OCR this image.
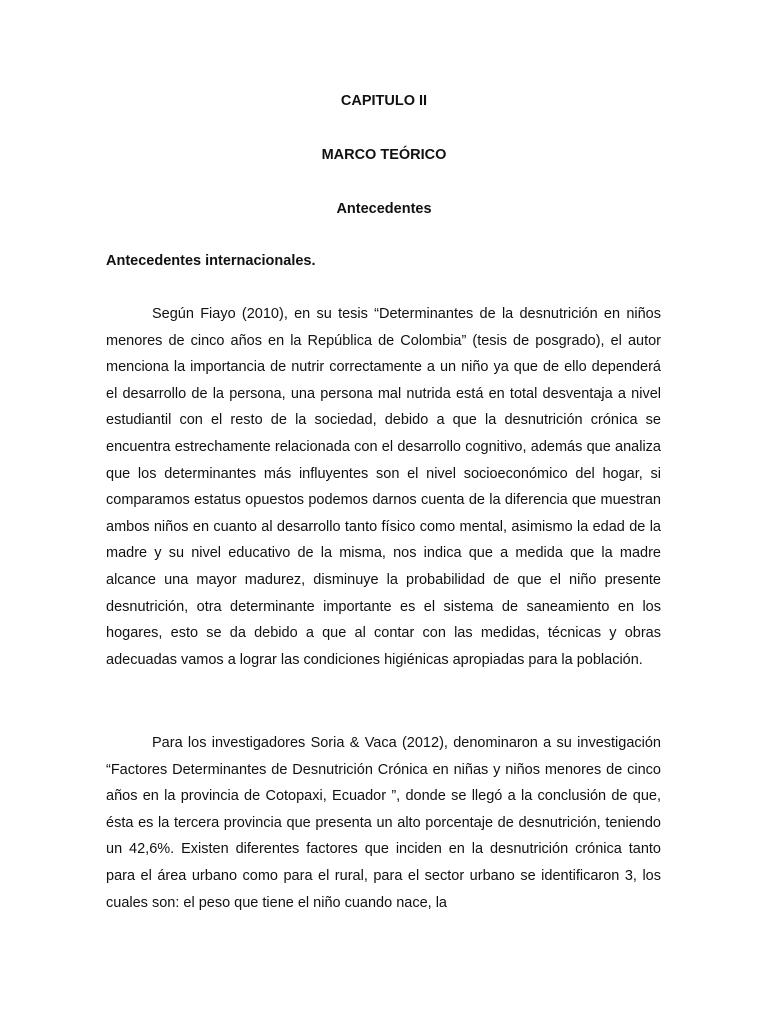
CAPITULO II
MARCO TEÓRICO
Antecedentes
Antecedentes internacionales.

Según Fiayo (2010), en su tesis “Determinantes de la desnutrición en niños menores de cinco años en la República de Colombia” (tesis de posgrado), el autor menciona la importancia de nutrir correctamente a un niño ya que de ello dependerá el desarrollo de la persona, una persona mal nutrida está en total desventaja a nivel estudiantil con el resto de la sociedad, debido a que la desnutrición crónica se encuentra estrechamente relacionada con el desarrollo cognitivo, además que analiza que los determinantes más influyentes son el nivel socioeconómico del hogar, si comparamos estatus opuestos podemos darnos cuenta de la diferencia que muestran ambos niños en cuanto al desarrollo tanto físico como mental, asimismo la edad de la madre y su nivel educativo de la misma, nos indica que a medida que la madre alcance una mayor madurez, disminuye la probabilidad de que el niño presente desnutrición, otra determinante importante es el sistema de saneamiento en los hogares, esto se da debido a que al contar con las medidas, técnicas y obras adecuadas vamos a lograr las condiciones higiénicas apropiadas para la población.

Para los investigadores Soria & Vaca (2012), denominaron a su investigación “Factores Determinantes de Desnutrición Crónica en niñas y niños menores de cinco años en la provincia de Cotopaxi, Ecuador ”, donde se llegó a la conclusión de que, ésta es la tercera provincia que presenta un alto porcentaje de desnutrición, teniendo un 42,6%. Existen diferentes factores que inciden en la desnutrición crónica tanto para el área urbano como para el rural, para el sector urbano se identificaron 3, los cuales son: el peso que tiene el niño cuando nace, la
